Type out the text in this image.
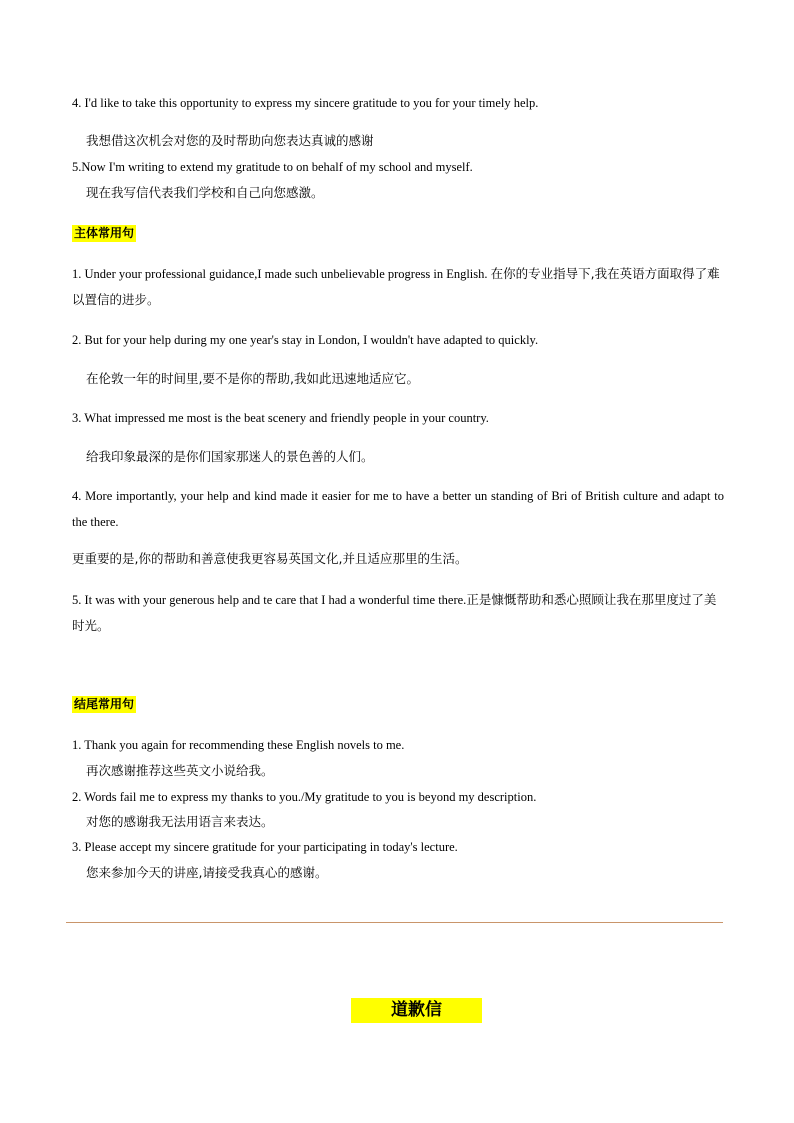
4. I'd like to take this opportunity to express my sincere gratitude to you for your timely help.
我想借这次机会对您的及时帮助向您表达真诚的感谢
5.Now I'm writing to extend my gratitude to on behalf of my school and myself.
现在我写信代表我们学校和自己向您感激。
主体常用句
1. Under your professional guidance,I made such unbelievable progress in English. 在你的专业指导下,我在英语方面取得了难以置信的进步。
2. But for your help during my one year's stay in London, I wouldn't have adapted to quickly.
在伦敦一年的时间里,要不是你的帮助,我如此迅速地适应它。
3. What impressed me most is the beat scenery and friendly people in your country.
给我印象最深的是你们国家那迷人的景色善的人们。
4. More importantly, your help and kind made it easier for me to have a better un standing of Bri of British culture and adapt to the there.
更重要的是,你的帮助和善意使我更容易英国文化,并且适应那里的生活。
5. It was with your generous help and te care that I had a wonderful time there.正是慷慨帮助和悉心照顾让我在那里度过了美时光。
结尾常用句
1. Thank you again for recommending these English novels to me.
再次感谢推荐这些英文小说给我。
2. Words fail me to express my thanks to you./My gratitude to you is beyond my description.
对您的感谢我无法用语言来表达。
3. Please accept my sincere gratitude for your participating in today's lecture.
您来参加今天的讲座,请接受我真心的感谢。
道歉信
